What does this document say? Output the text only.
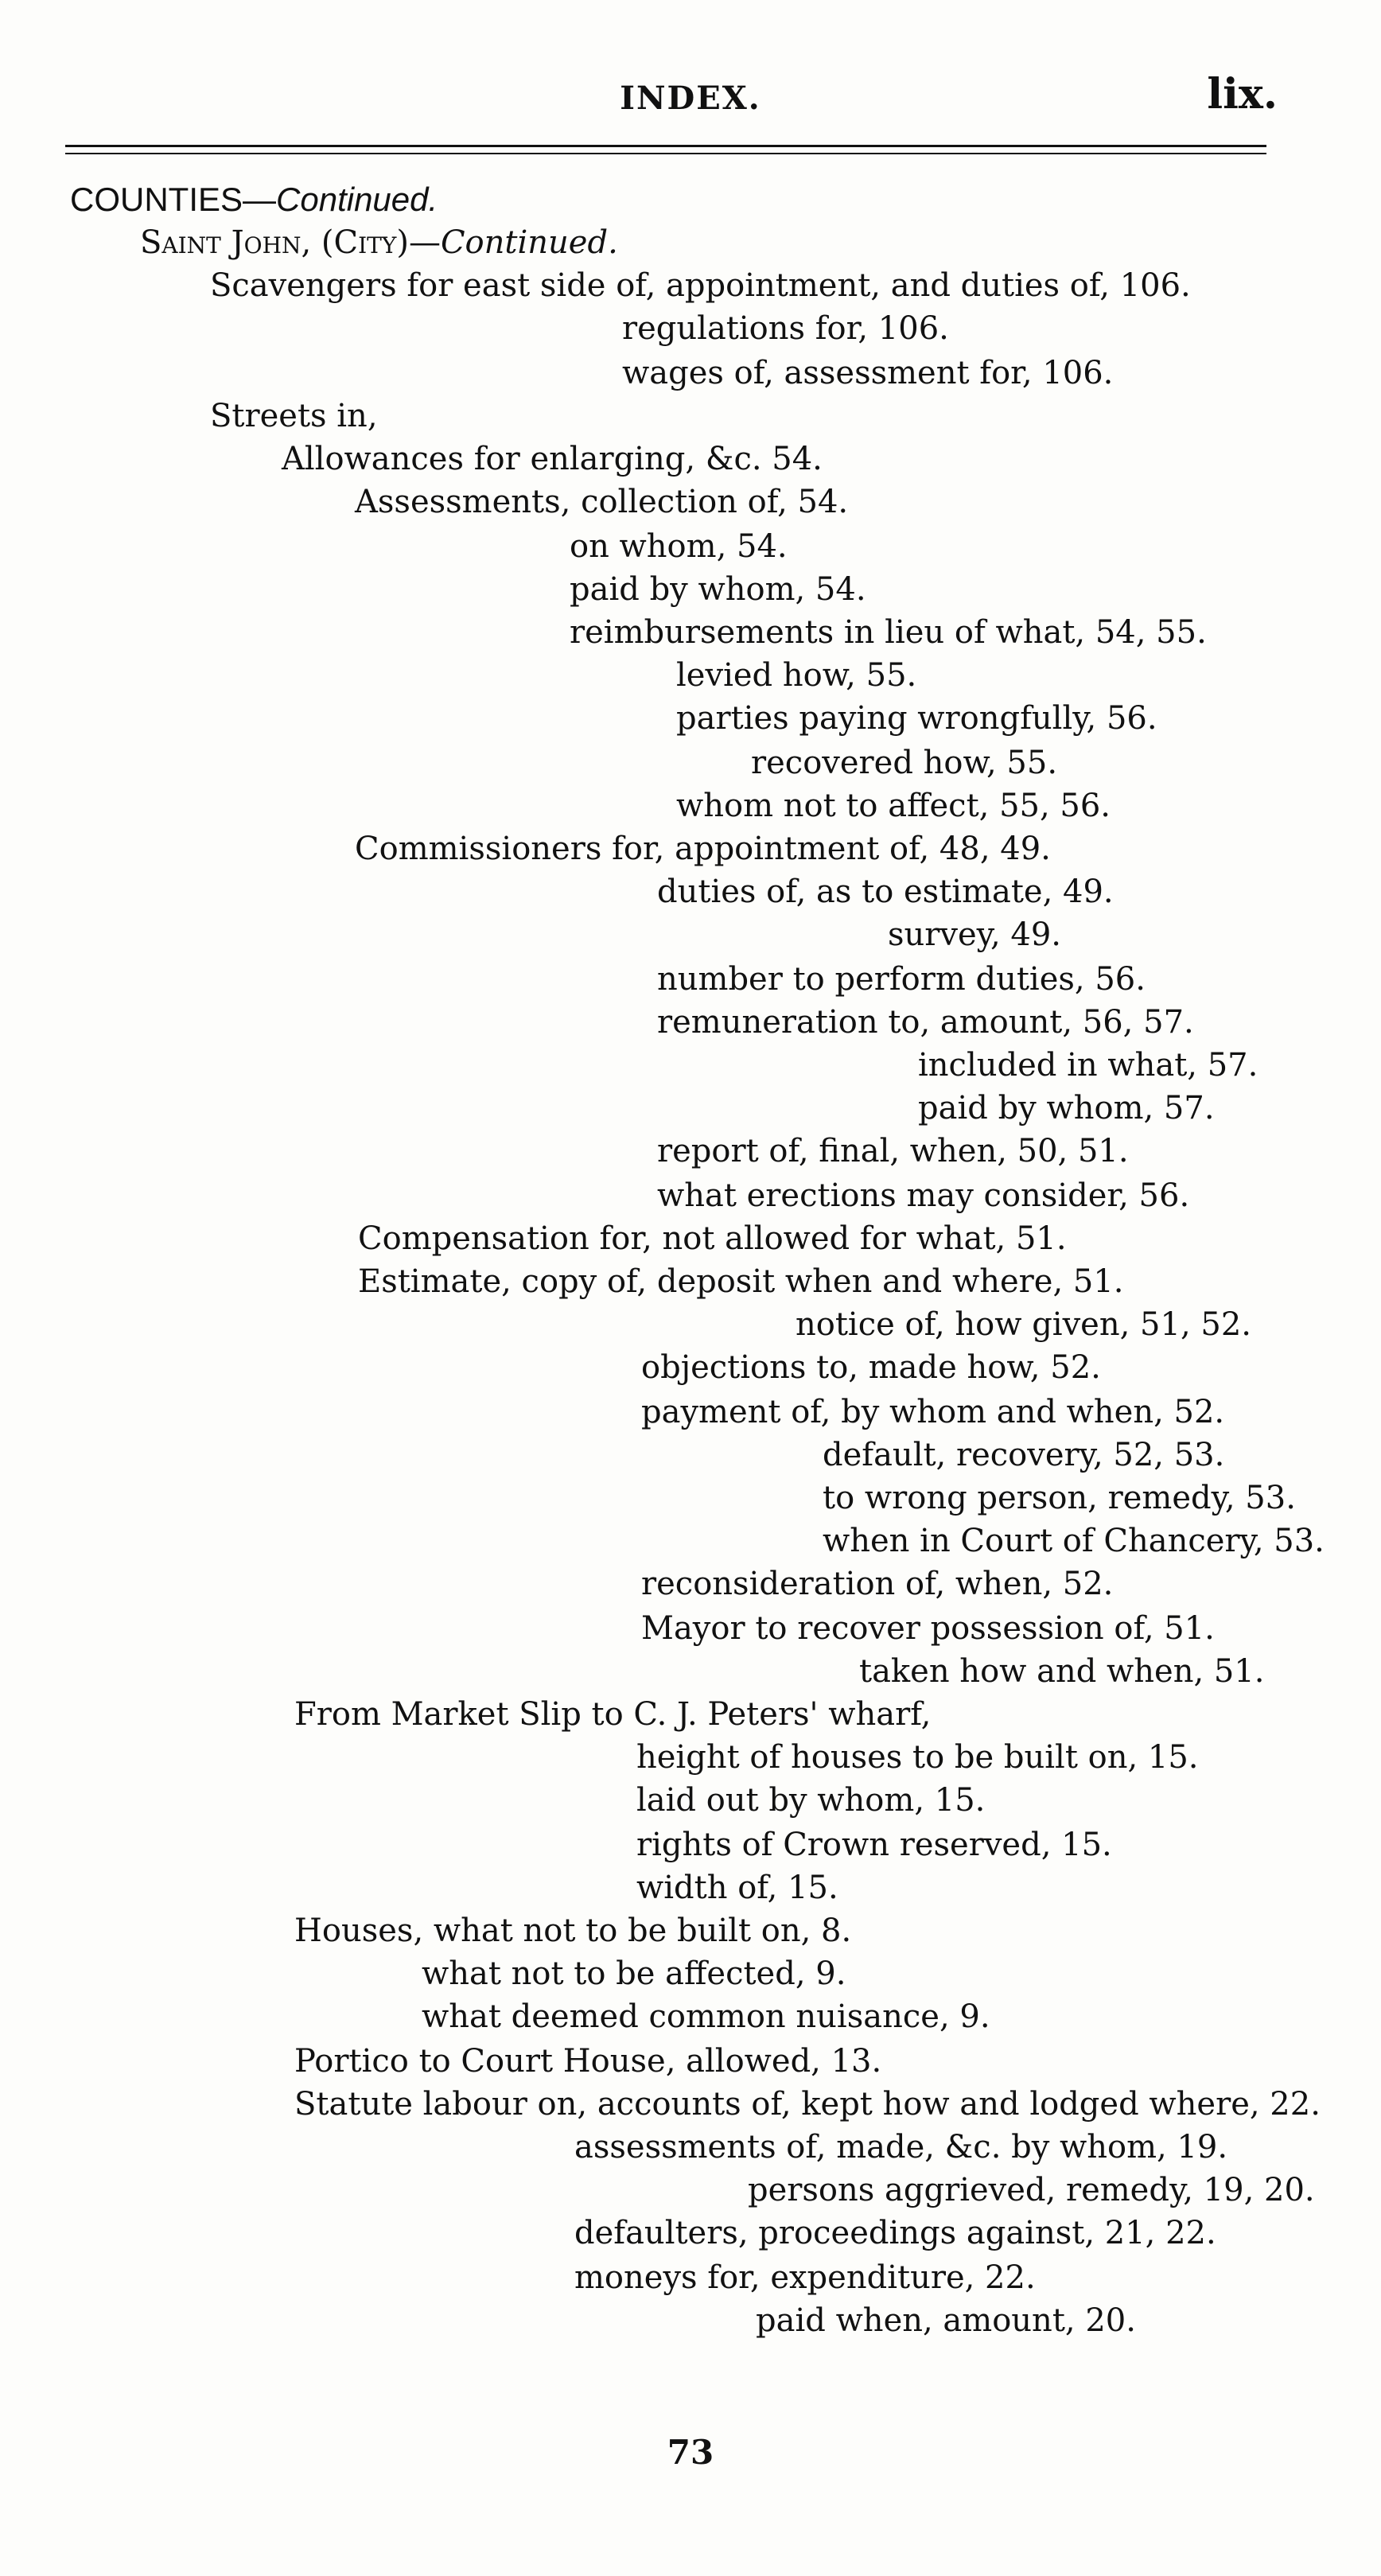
INDEX.	lix.
COUNTIES—Continued.
Saint John, (City)—Continued.
Scavengers for east side of, appointment, and duties of, 106.
regulations for, 106.
wages of, assessment for, 106.
Streets in,
Allowances for enlarging, &c. 54.
Assessments, collection of, 54.
on whom, 54.
paid by whom, 54.
reimbursements in lieu of what, 54, 55.
levied how, 55.
parties paying wrongfully, 56.
recovered how, 55.
whom not to affect, 55, 56.
Commissioners for, appointment of, 48, 49.
duties of, as to estimate, 49.
survey, 49.
number to perform duties, 56.
remuneration to, amount, 56, 57.
included in what, 57.
paid by whom, 57.
report of, final, when, 50, 51.
what erections may consider, 56.
Compensation for, not allowed for what, 51.
Estimate, copy of, deposit when and where, 51.
notice of, how given, 51, 52.
objections to, made how, 52.
payment of, by whom and when, 52.
default, recovery, 52, 53.
to wrong person, remedy, 53.
when in Court of Chancery, 53.
reconsideration of, when, 52.
Mayor to recover possession of, 51.
taken how and when, 51.
From Market Slip to C. J. Peters' wharf,
height of houses to be built on, 15.
laid out by whom, 15.
rights of Crown reserved, 15.
width of, 15.
Houses, what not to be built on, 8.
what not to be affected, 9.
what deemed common nuisance, 9.
Portico to Court House, allowed, 13.
Statute labour on, accounts of, kept how and lodged where, 22.
assessments of, made, &c. by whom, 19.
persons aggrieved, remedy, 19, 20.
defaulters, proceedings against, 21, 22.
moneys for, expenditure, 22.
paid when, amount, 20.
73
